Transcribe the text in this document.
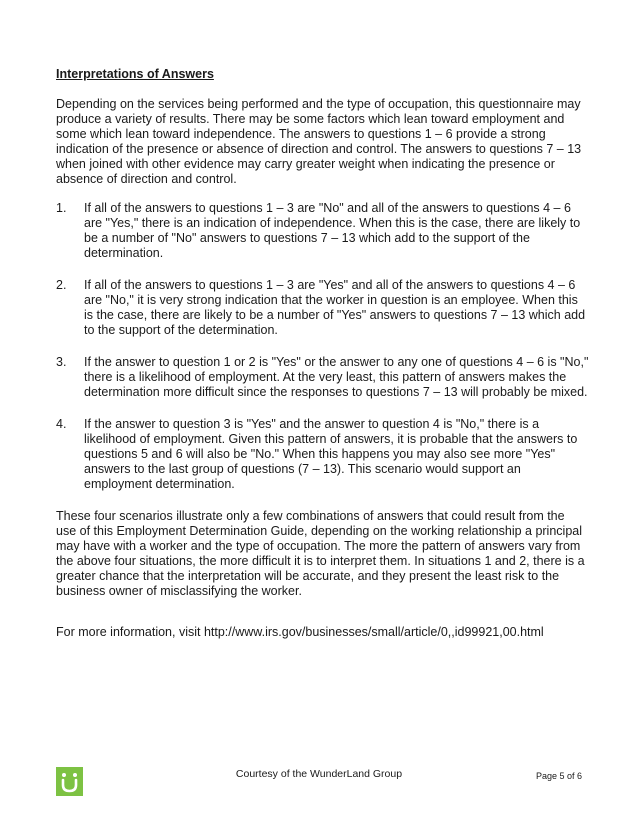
Interpretations of Answers

Depending on the services being performed and the type of occupation, this questionnaire may produce a variety of results. There may be some factors which lean toward employment and some which lean toward independence. The answers to questions 1 – 6 provide a strong indication of the presence or absence of direction and control. The answers to questions 7 – 13 when joined with other evidence may carry greater weight when indicating the presence or absence of direction and control.

1. If all of the answers to questions 1 – 3 are "No" and all of the answers to questions 4 – 6 are "Yes," there is an indication of independence. When this is the case, there are likely to be a number of "No" answers to questions 7 – 13 which add to the support of the determination.
2. If all of the answers to questions 1 – 3 are "Yes" and all of the answers to questions 4 – 6 are "No," it is very strong indication that the worker in question is an employee. When this is the case, there are likely to be a number of "Yes" answers to questions 7 – 13 which add to the support of the determination.
3. If the answer to question 1 or 2 is "Yes" or the answer to any one of questions 4 – 6 is "No," there is a likelihood of employment. At the very least, this pattern of answers makes the determination more difficult since the responses to questions 7 – 13 will probably be mixed.
4. If the answer to question 3 is "Yes" and the answer to question 4 is "No," there is a likelihood of employment. Given this pattern of answers, it is probable that the answers to questions 5 and 6 will also be "No." When this happens you may also see more "Yes" answers to the last group of questions (7 – 13). This scenario would support an employment determination.

These four scenarios illustrate only a few combinations of answers that could result from the use of this Employment Determination Guide, depending on the working relationship a principal may have with a worker and the type of occupation. The more the pattern of answers vary from the above four situations, the more difficult it is to interpret them. In situations 1 and 2, there is a greater chance that the interpretation will be accurate, and they present the least risk to the business owner of misclassifying the worker.

For more information, visit http://www.irs.gov/businesses/small/article/0,,id99921,00.html

Courtesy of the WunderLand Group	Page 5 of 6
